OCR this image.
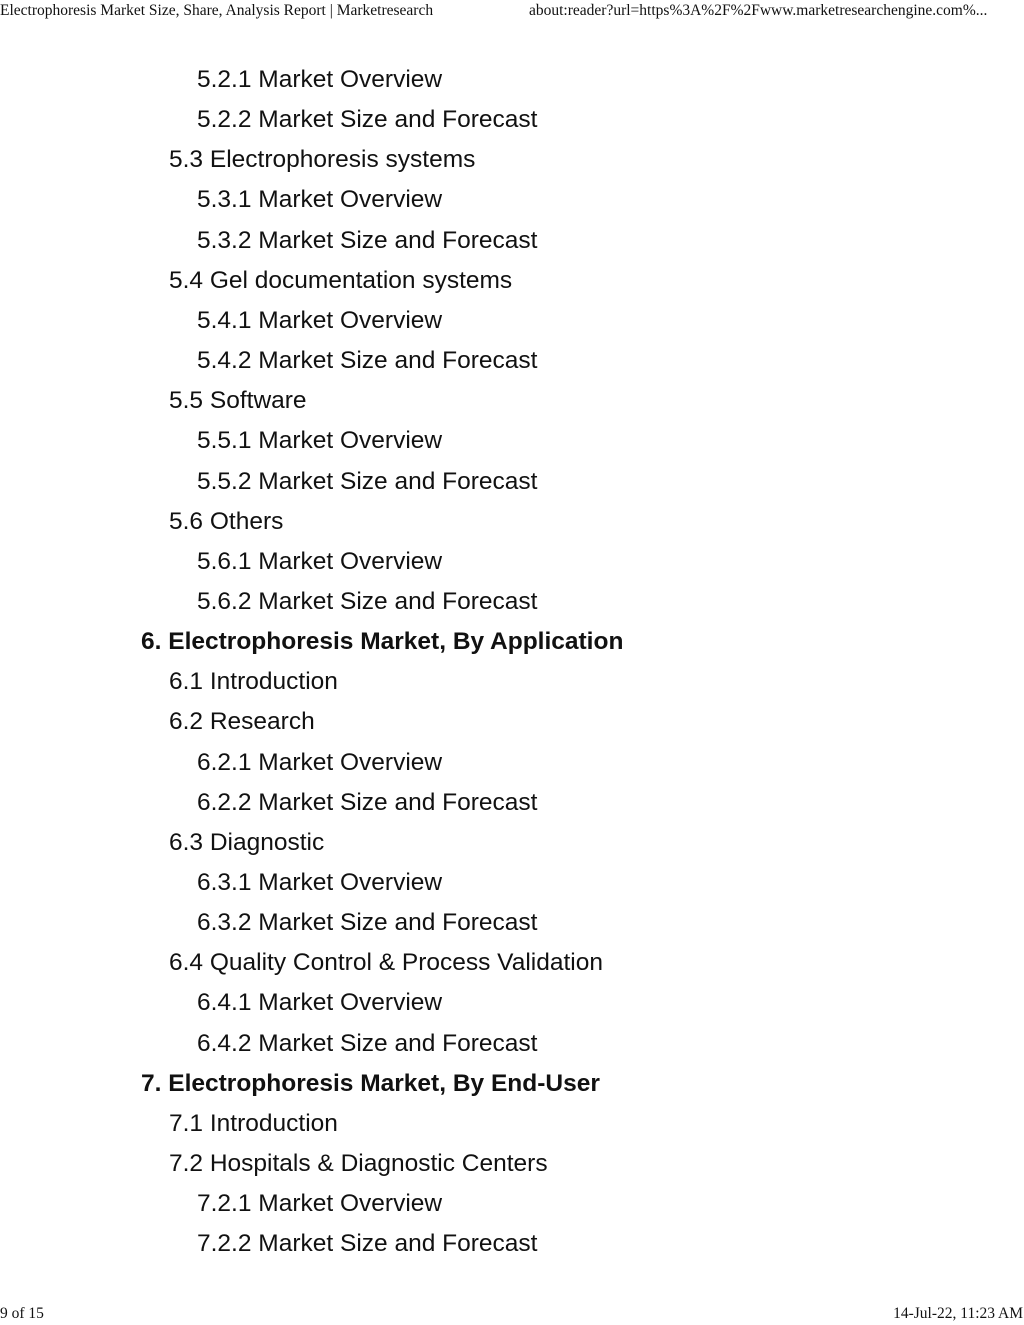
Electrophoresis Market Size, Share, Analysis Report | Marketresearch	about:reader?url=https%3A%2F%2Fwww.marketresearchengine.com%...
5.2.1 Market Overview
5.2.2 Market Size and Forecast
5.3 Electrophoresis systems
5.3.1 Market Overview
5.3.2 Market Size and Forecast
5.4 Gel documentation systems
5.4.1 Market Overview
5.4.2 Market Size and Forecast
5.5 Software
5.5.1 Market Overview
5.5.2 Market Size and Forecast
5.6 Others
5.6.1 Market Overview
5.6.2 Market Size and Forecast
6. Electrophoresis Market, By Application
6.1 Introduction
6.2 Research
6.2.1 Market Overview
6.2.2 Market Size and Forecast
6.3 Diagnostic
6.3.1 Market Overview
6.3.2 Market Size and Forecast
6.4 Quality Control & Process Validation
6.4.1 Market Overview
6.4.2 Market Size and Forecast
7. Electrophoresis Market, By End-User
7.1 Introduction
7.2 Hospitals & Diagnostic Centers
7.2.1 Market Overview
7.2.2 Market Size and Forecast
9 of 15	14-Jul-22, 11:23 AM
